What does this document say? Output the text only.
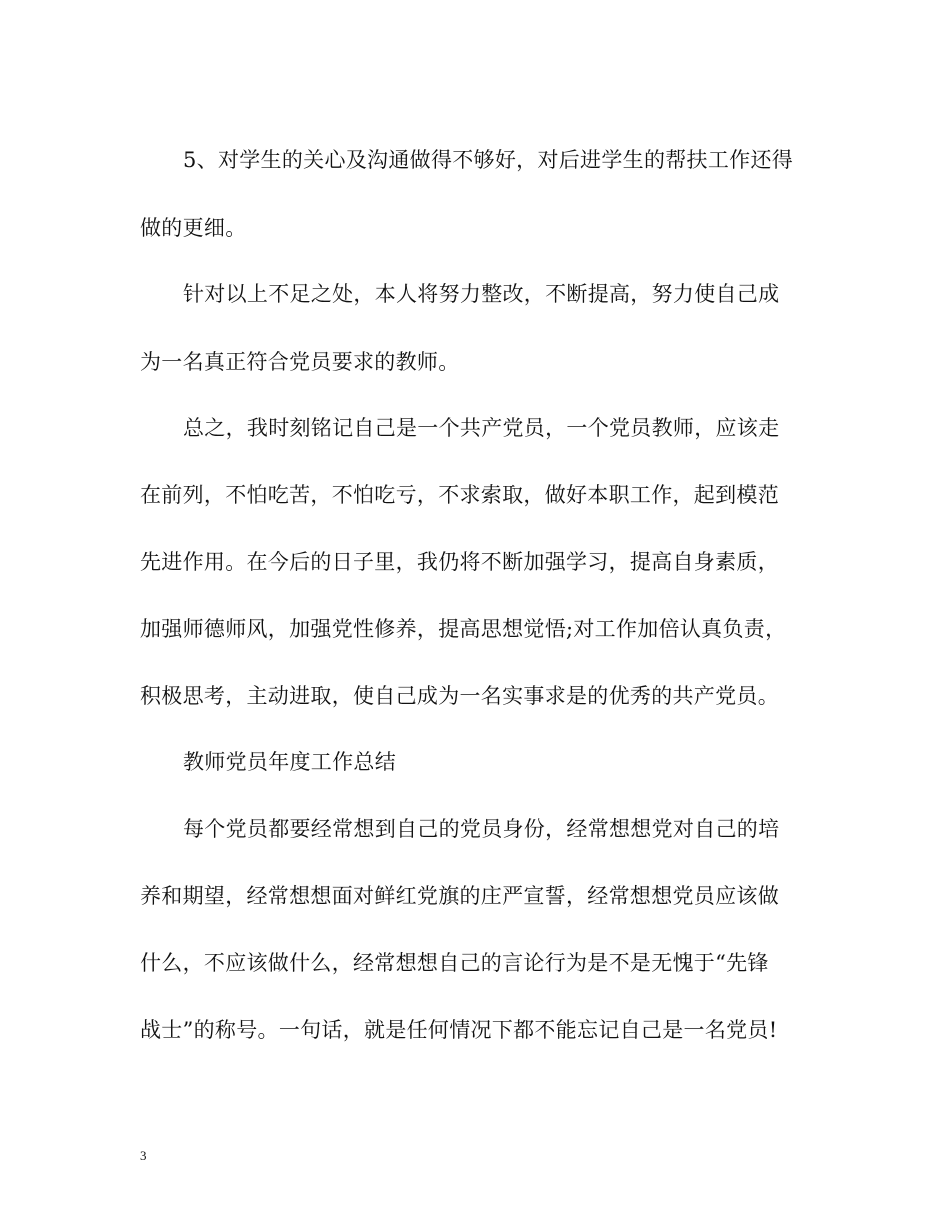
5、对学生的关心及沟通做得不够好，对后进学生的帮扶工作还得
做的更细。
针对以上不足之处，本人将努力整改，不断提高，努力使自己成
为一名真正符合党员要求的教师。
总之，我时刻铭记自己是一个共产党员，一个党员教师，应该走
在前列，不怕吃苦，不怕吃亏，不求索取，做好本职工作，起到模范
先进作用。在今后的日子里，我仍将不断加强学习，提高自身素质，
加强师德师风，加强党性修养，提高思想觉悟;对工作加倍认真负责，
积极思考，主动进取，使自己成为一名实事求是的优秀的共产党员。
教师党员年度工作总结
每个党员都要经常想到自己的党员身份，经常想想党对自己的培
养和期望，经常想想面对鲜红党旗的庄严宣誓，经常想想党员应该做
什么，不应该做什么，经常想想自己的言论行为是不是无愧于“先锋
战士”的称号。一句话，就是任何情况下都不能忘记自己是一名党员!
3
